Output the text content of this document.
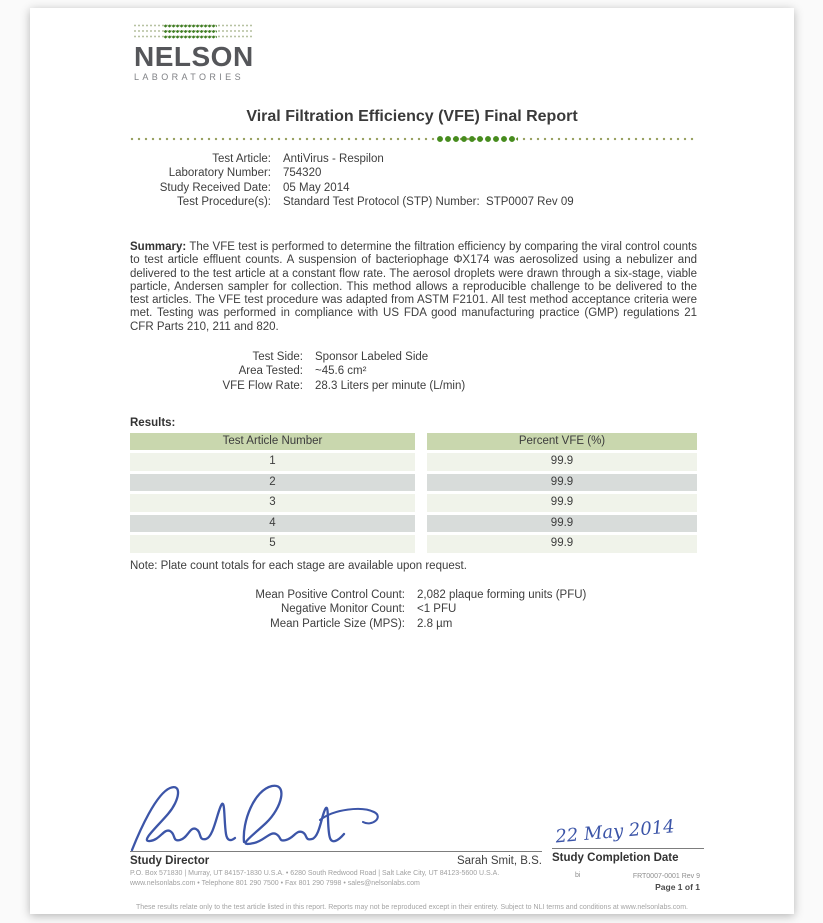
NELSON
LABORATORIES
Viral Filtration Efficiency (VFE) Final Report
Test Article: AntiVirus - Respilon
Laboratory Number: 754320
Study Received Date: 05 May 2014
Test Procedure(s): Standard Test Protocol (STP) Number:  STP0007 Rev 09

Summary: The VFE test is performed to determine the filtration efficiency by comparing the viral control counts to test article effluent counts. A suspension of bacteriophage ΦX174 was aerosolized using a nebulizer and delivered to the test article at a constant flow rate. The aerosol droplets were drawn through a six-stage, viable particle, Andersen sampler for collection. This method allows a reproducible challenge to be delivered to the test articles. The VFE test procedure was adapted from ASTM F2101. All test method acceptance criteria were met. Testing was performed in compliance with US FDA good manufacturing practice (GMP) regulations 21 CFR Parts 210, 211 and 820.

Test Side: Sponsor Labeled Side
Area Tested: ~45.6 cm²
VFE Flow Rate: 28.3 Liters per minute (L/min)
Results:
Test Article Number	Percent VFE (%)
1	99.9
2	99.9
3	99.9
4	99.9
5	99.9
Note: Plate count totals for each stage are available upon request.
Mean Positive Control Count: 2,082 plaque forming units (PFU)
Negative Monitor Count: <1 PFU
Mean Particle Size (MPS): 2.8 µm
Study Director	Sarah Smit, B.S.
22 May 2014
Study Completion Date
P.O. Box 571830 | Murray, UT 84157-1830 U.S.A. • 6280 South Redwood Road | Salt Lake City, UT 84123-5600 U.S.A.
www.nelsonlabs.com • Telephone 801 290 7500 • Fax 801 290 7998 • sales@nelsonlabs.com
bi	FRT0007-0001 Rev 9
Page 1 of 1
These results relate only to the test article listed in this report. Reports may not be reproduced except in their entirety. Subject to NLI terms and conditions at www.nelsonlabs.com.
